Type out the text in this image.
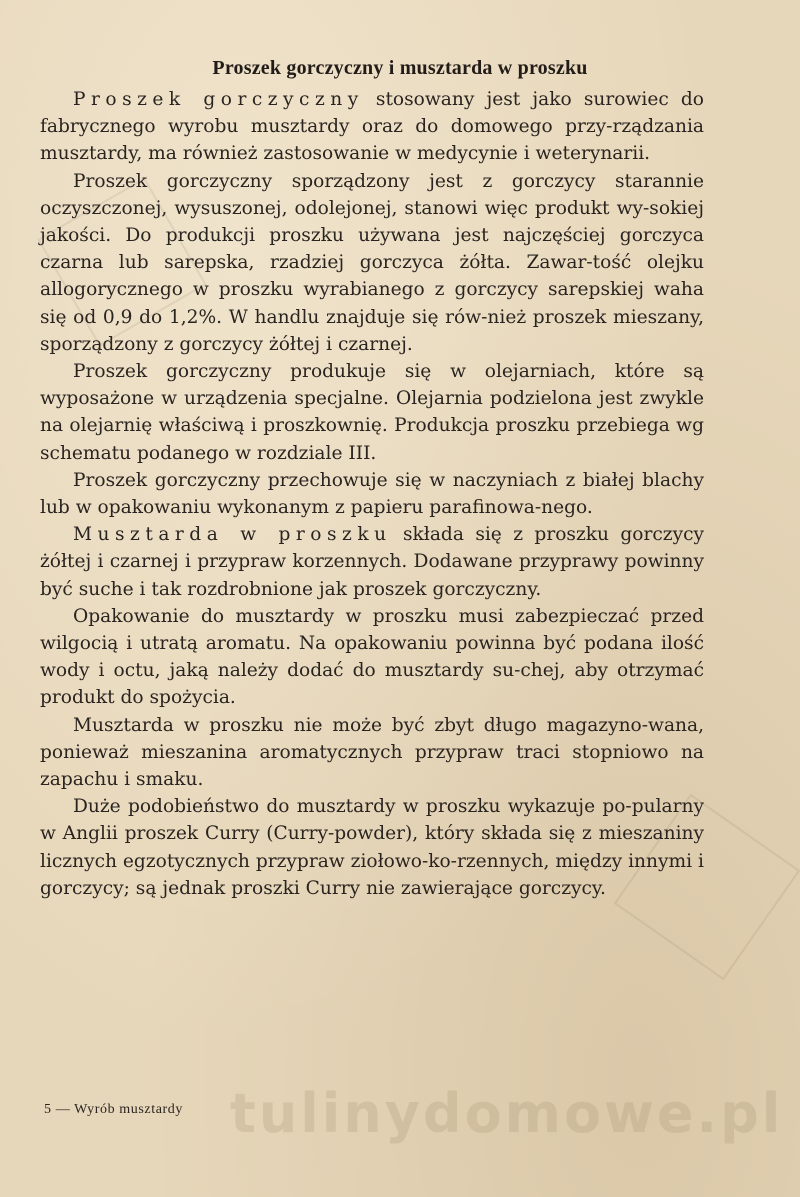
Proszek gorczyczny i musztarda w proszku

Proszek gorczyczny stosowany jest jako surowiec do fabrycznego wyrobu musztardy oraz do domowego przy-rządzania musztardy, ma również zastosowanie w medycynie i weterynarii.

Proszek gorczyczny sporządzony jest z gorczycy starannie oczyszczonej, wysuszonej, odolejonej, stanowi więc produkt wy-sokiej jakości. Do produkcji proszku używana jest najczęściej gorczyca czarna lub sarepska, rzadziej gorczyca żółta. Zawar-tość olejku allogorycznego w proszku wyrabianego z gorczycy sarepskiej waha się od 0,9 do 1,2%. W handlu znajduje się rów-nież proszek mieszany, sporządzony z gorczycy żółtej i czarnej.

Proszek gorczyczny produkuje się w olejarniach, które są wyposażone w urządzenia specjalne. Olejarnia podzielona jest zwykle na olejarnię właściwą i proszkownię. Produkcja proszku przebiega wg schematu podanego w rozdziale III.

Proszek gorczyczny przechowuje się w naczyniach z białej blachy lub w opakowaniu wykonanym z papieru parafinowa-nego.

Musztarda w proszku składa się z proszku gorczycy żółtej i czarnej i przypraw korzennych. Dodawane przyprawy powinny być suche i tak rozdrobnione jak proszek gorczyczny.

Opakowanie do musztardy w proszku musi zabezpieczać przed wilgocią i utratą aromatu. Na opakowaniu powinna być podana ilość wody i octu, jaką należy dodać do musztardy su-chej, aby otrzymać produkt do spożycia.

Musztarda w proszku nie może być zbyt długo magazyno-wana, ponieważ mieszanina aromatycznych przypraw traci stopniowo na zapachu i smaku.

Duże podobieństwo do musztardy w proszku wykazuje po-pularny w Anglii proszek Curry (Curry-powder), który składa się z mieszaniny licznych egzotycznych przypraw ziołowo-ko-rzennych, między innymi i gorczycy; są jednak proszki Curry nie zawierające gorczycy.

tulinydomowe.pl
5 — Wyrób musztardy
